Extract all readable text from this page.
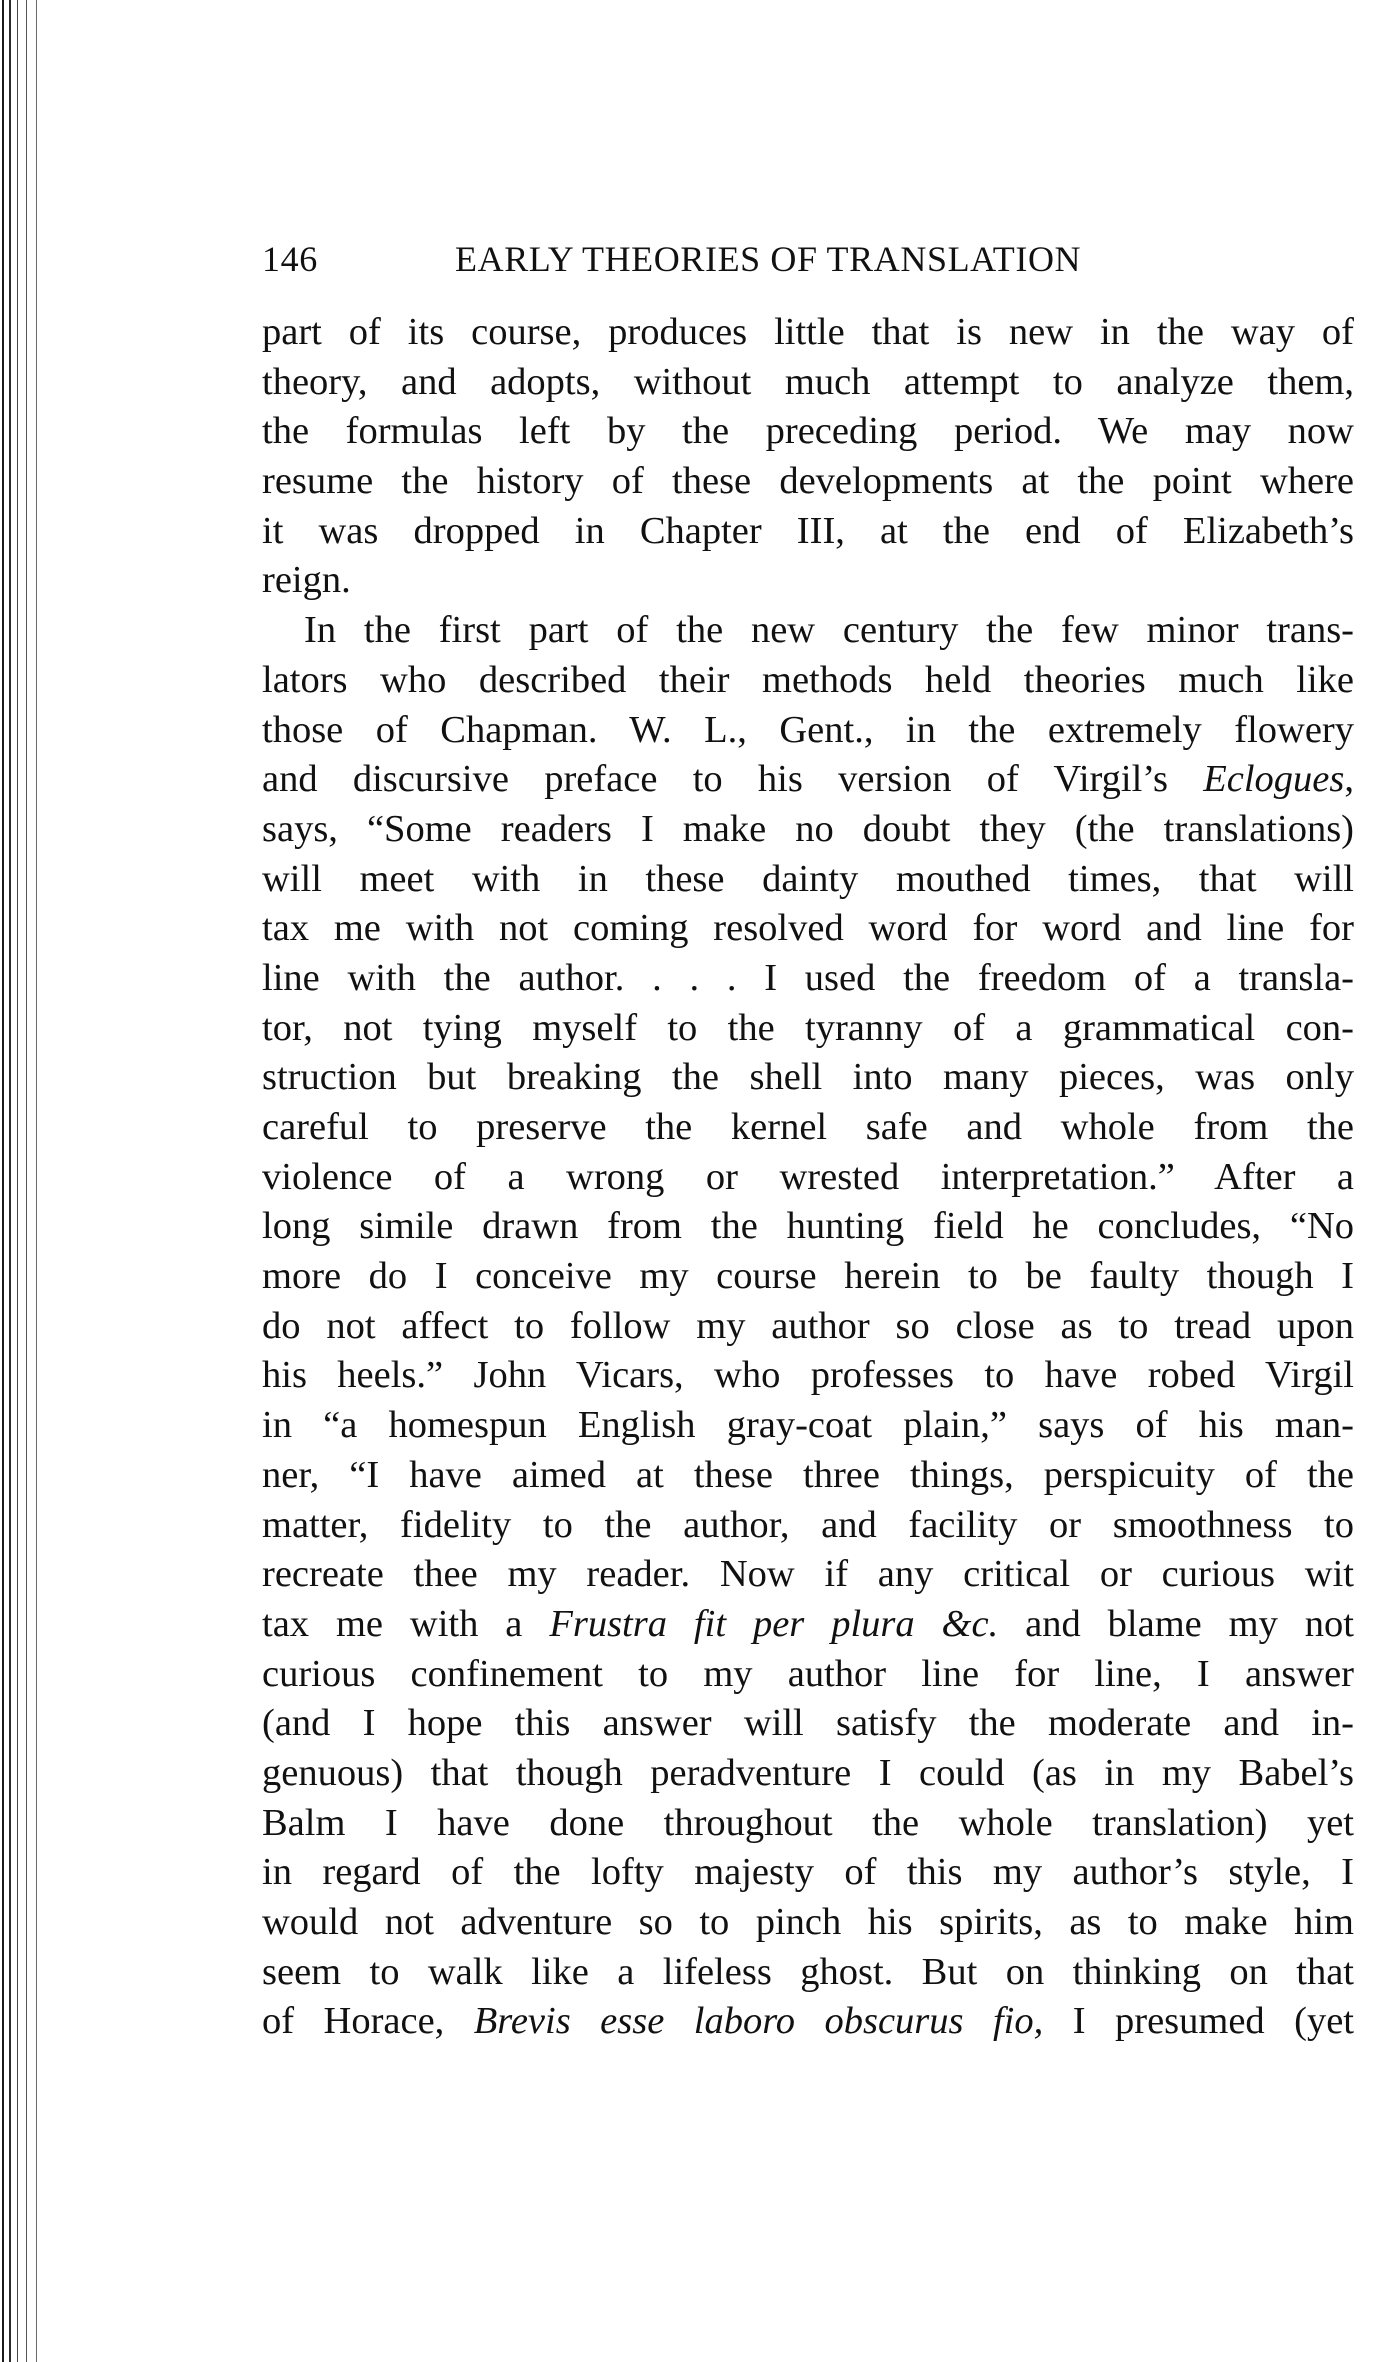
146	EARLY THEORIES OF TRANSLATION
part of its course, produces little that is new in the way of
theory, and adopts, without much attempt to analyze them,
the formulas left by the preceding period. We may now
resume the history of these developments at the point where
it was dropped in Chapter III, at the end of Elizabeth’s
reign.
In the first part of the new century the few minor trans-
lators who described their methods held theories much like
those of Chapman. W. L., Gent., in the extremely flowery
and discursive preface to his version of Virgil’s Eclogues,
says, “Some readers I make no doubt they (the translations)
will meet with in these dainty mouthed times, that will
tax me with not coming resolved word for word and line for
line with the author. . . . I used the freedom of a transla-
tor, not tying myself to the tyranny of a grammatical con-
struction but breaking the shell into many pieces, was only
careful to preserve the kernel safe and whole from the
violence of a wrong or wrested interpretation.” After a
long simile drawn from the hunting field he concludes, “No
more do I conceive my course herein to be faulty though I
do not affect to follow my author so close as to tread upon
his heels.” John Vicars, who professes to have robed Virgil
in “a homespun English gray-coat plain,” says of his man-
ner, “I have aimed at these three things, perspicuity of the
matter, fidelity to the author, and facility or smoothness to
recreate thee my reader. Now if any critical or curious wit
tax me with a Frustra fit per plura &c. and blame my not
curious confinement to my author line for line, I answer
(and I hope this answer will satisfy the moderate and in-
genuous) that though peradventure I could (as in my Babel’s
Balm I have done throughout the whole translation) yet
in regard of the lofty majesty of this my author’s style, I
would not adventure so to pinch his spirits, as to make him
seem to walk like a lifeless ghost. But on thinking on that
of Horace, Brevis esse laboro obscurus fio, I presumed (yet
